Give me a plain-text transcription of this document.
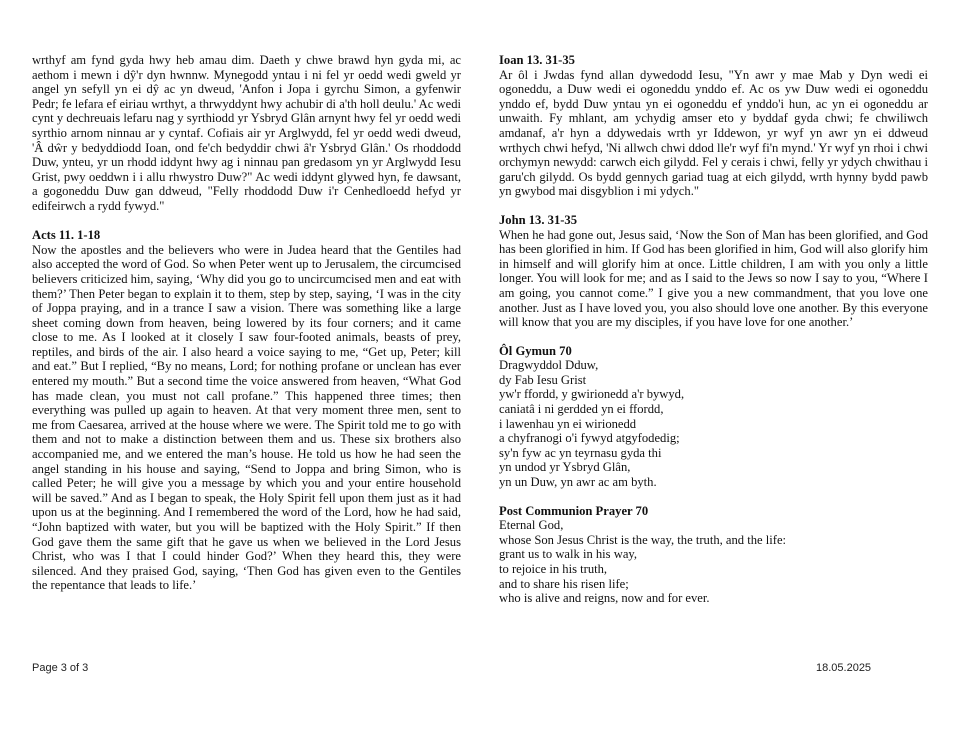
wrthyf am fynd gyda hwy heb amau dim. Daeth y chwe brawd hyn gyda mi, ac aethom i mewn i dŷ'r dyn hwnnw. Mynegodd yntau i ni fel yr oedd wedi gweld yr angel yn sefyll yn ei dŷ ac yn dweud, 'Anfon i Jopa i gyrchu Simon, a gyfenwir Pedr; fe lefara ef eiriau wrthyt, a thrwyddynt hwy achubir di a'th holl deulu.' Ac wedi cynt y dechreuais lefaru nag y syrthiodd yr Ysbryd Glân arnynt hwy fel yr oedd wedi syrthio arnom ninnau ar y cyntaf. Cofiais air yr Arglwydd, fel yr oedd wedi dweud, 'Â dŵr y bedyddiodd Ioan, ond fe'ch bedyddir chwi â'r Ysbryd Glân.' Os rhoddodd Duw, ynteu, yr un rhodd iddynt hwy ag i ninnau pan gredasom yn yr Arglwydd Iesu Grist, pwy oeddwn i i allu rhwystro Duw?" Ac wedi iddynt glywed hyn, fe dawsant, a gogoneddu Duw gan ddweud, "Felly rhoddodd Duw i'r Cenhedloedd hefyd yr edifeirwch a rydd fywyd."

Acts 11. 1-18

Now the apostles and the believers who were in Judea heard that the Gentiles had also accepted the word of God. So when Peter went up to Jerusalem, the circumcised believers criticized him, saying, ‘Why did you go to uncircumcised men and eat with them?’ Then Peter began to explain it to them, step by step, saying, ‘I was in the city of Joppa praying, and in a trance I saw a vision. There was something like a large sheet coming down from heaven, being lowered by its four corners; and it came close to me. As I looked at it closely I saw four-footed animals, beasts of prey, reptiles, and birds of the air. I also heard a voice saying to me, “Get up, Peter; kill and eat.” But I replied, “By no means, Lord; for nothing profane or unclean has ever entered my mouth.” But a second time the voice answered from heaven, “What God has made clean, you must not call profane.” This happened three times; then everything was pulled up again to heaven. At that very moment three men, sent to me from Caesarea, arrived at the house where we were. The Spirit told me to go with them and not to make a distinction between them and us. These six brothers also accompanied me, and we entered the man’s house. He told us how he had seen the angel standing in his house and saying, “Send to Joppa and bring Simon, who is called Peter; he will give you a message by which you and your entire household will be saved.” And as I began to speak, the Holy Spirit fell upon them just as it had upon us at the beginning. And I remembered the word of the Lord, how he had said, “John baptized with water, but you will be baptized with the Holy Spirit.” If then God gave them the same gift that he gave us when we believed in the Lord Jesus Christ, who was I that I could hinder God?’ When they heard this, they were silenced. And they praised God, saying, ‘Then God has given even to the Gentiles the repentance that leads to life.’

Ioan 13. 31-35

Ar ôl i Jwdas fynd allan dywedodd Iesu, "Yn awr y mae Mab y Dyn wedi ei ogoneddu, a Duw wedi ei ogoneddu ynddo ef. Ac os yw Duw wedi ei ogoneddu ynddo ef, bydd Duw yntau yn ei ogoneddu ef ynddo'i hun, ac yn ei ogoneddu ar unwaith. Fy mhlant, am ychydig amser eto y byddaf gyda chwi; fe chwiliwch amdanaf, a'r hyn a ddywedais wrth yr Iddewon, yr wyf yn awr yn ei ddweud wrthych chwi hefyd, 'Ni allwch chwi ddod lle'r wyf fi'n mynd.' Yr wyf yn rhoi i chwi orchymyn newydd: carwch eich gilydd. Fel y cerais i chwi, felly yr ydych chwithau i garu'ch gilydd. Os bydd gennych gariad tuag at eich gilydd, wrth hynny bydd pawb yn gwybod mai disgyblion i mi ydych."

John 13. 31-35

When he had gone out, Jesus said, ‘Now the Son of Man has been glorified, and God has been glorified in him. If God has been glorified in him, God will also glorify him in himself and will glorify him at once. Little children, I am with you only a little longer. You will look for me; and as I said to the Jews so now I say to you, “Where I am going, you cannot come.” I give you a new commandment, that you love one another. Just as I have loved you, you also should love one another. By this everyone will know that you are my disciples, if you have love for one another.’

Ôl Gymun 70

Dragwyddol Dduw,

dy Fab Iesu Grist

yw'r ffordd, y gwirionedd a'r bywyd,

caniatâ i ni gerdded yn ei ffordd,

i lawenhau yn ei wirionedd

a chyfranogi o'i fywyd atgyfodedig;

sy'n fyw ac yn teyrnasu gyda thi

yn undod yr Ysbryd Glân,

yn un Duw, yn awr ac am byth.

Post Communion Prayer 70

Eternal God,

whose Son Jesus Christ is the way, the truth, and the life:

grant us to walk in his way,

to rejoice in his truth,

and to share his risen life;

who is alive and reigns, now and for ever.

Page 3 of 3	18.05.2025
